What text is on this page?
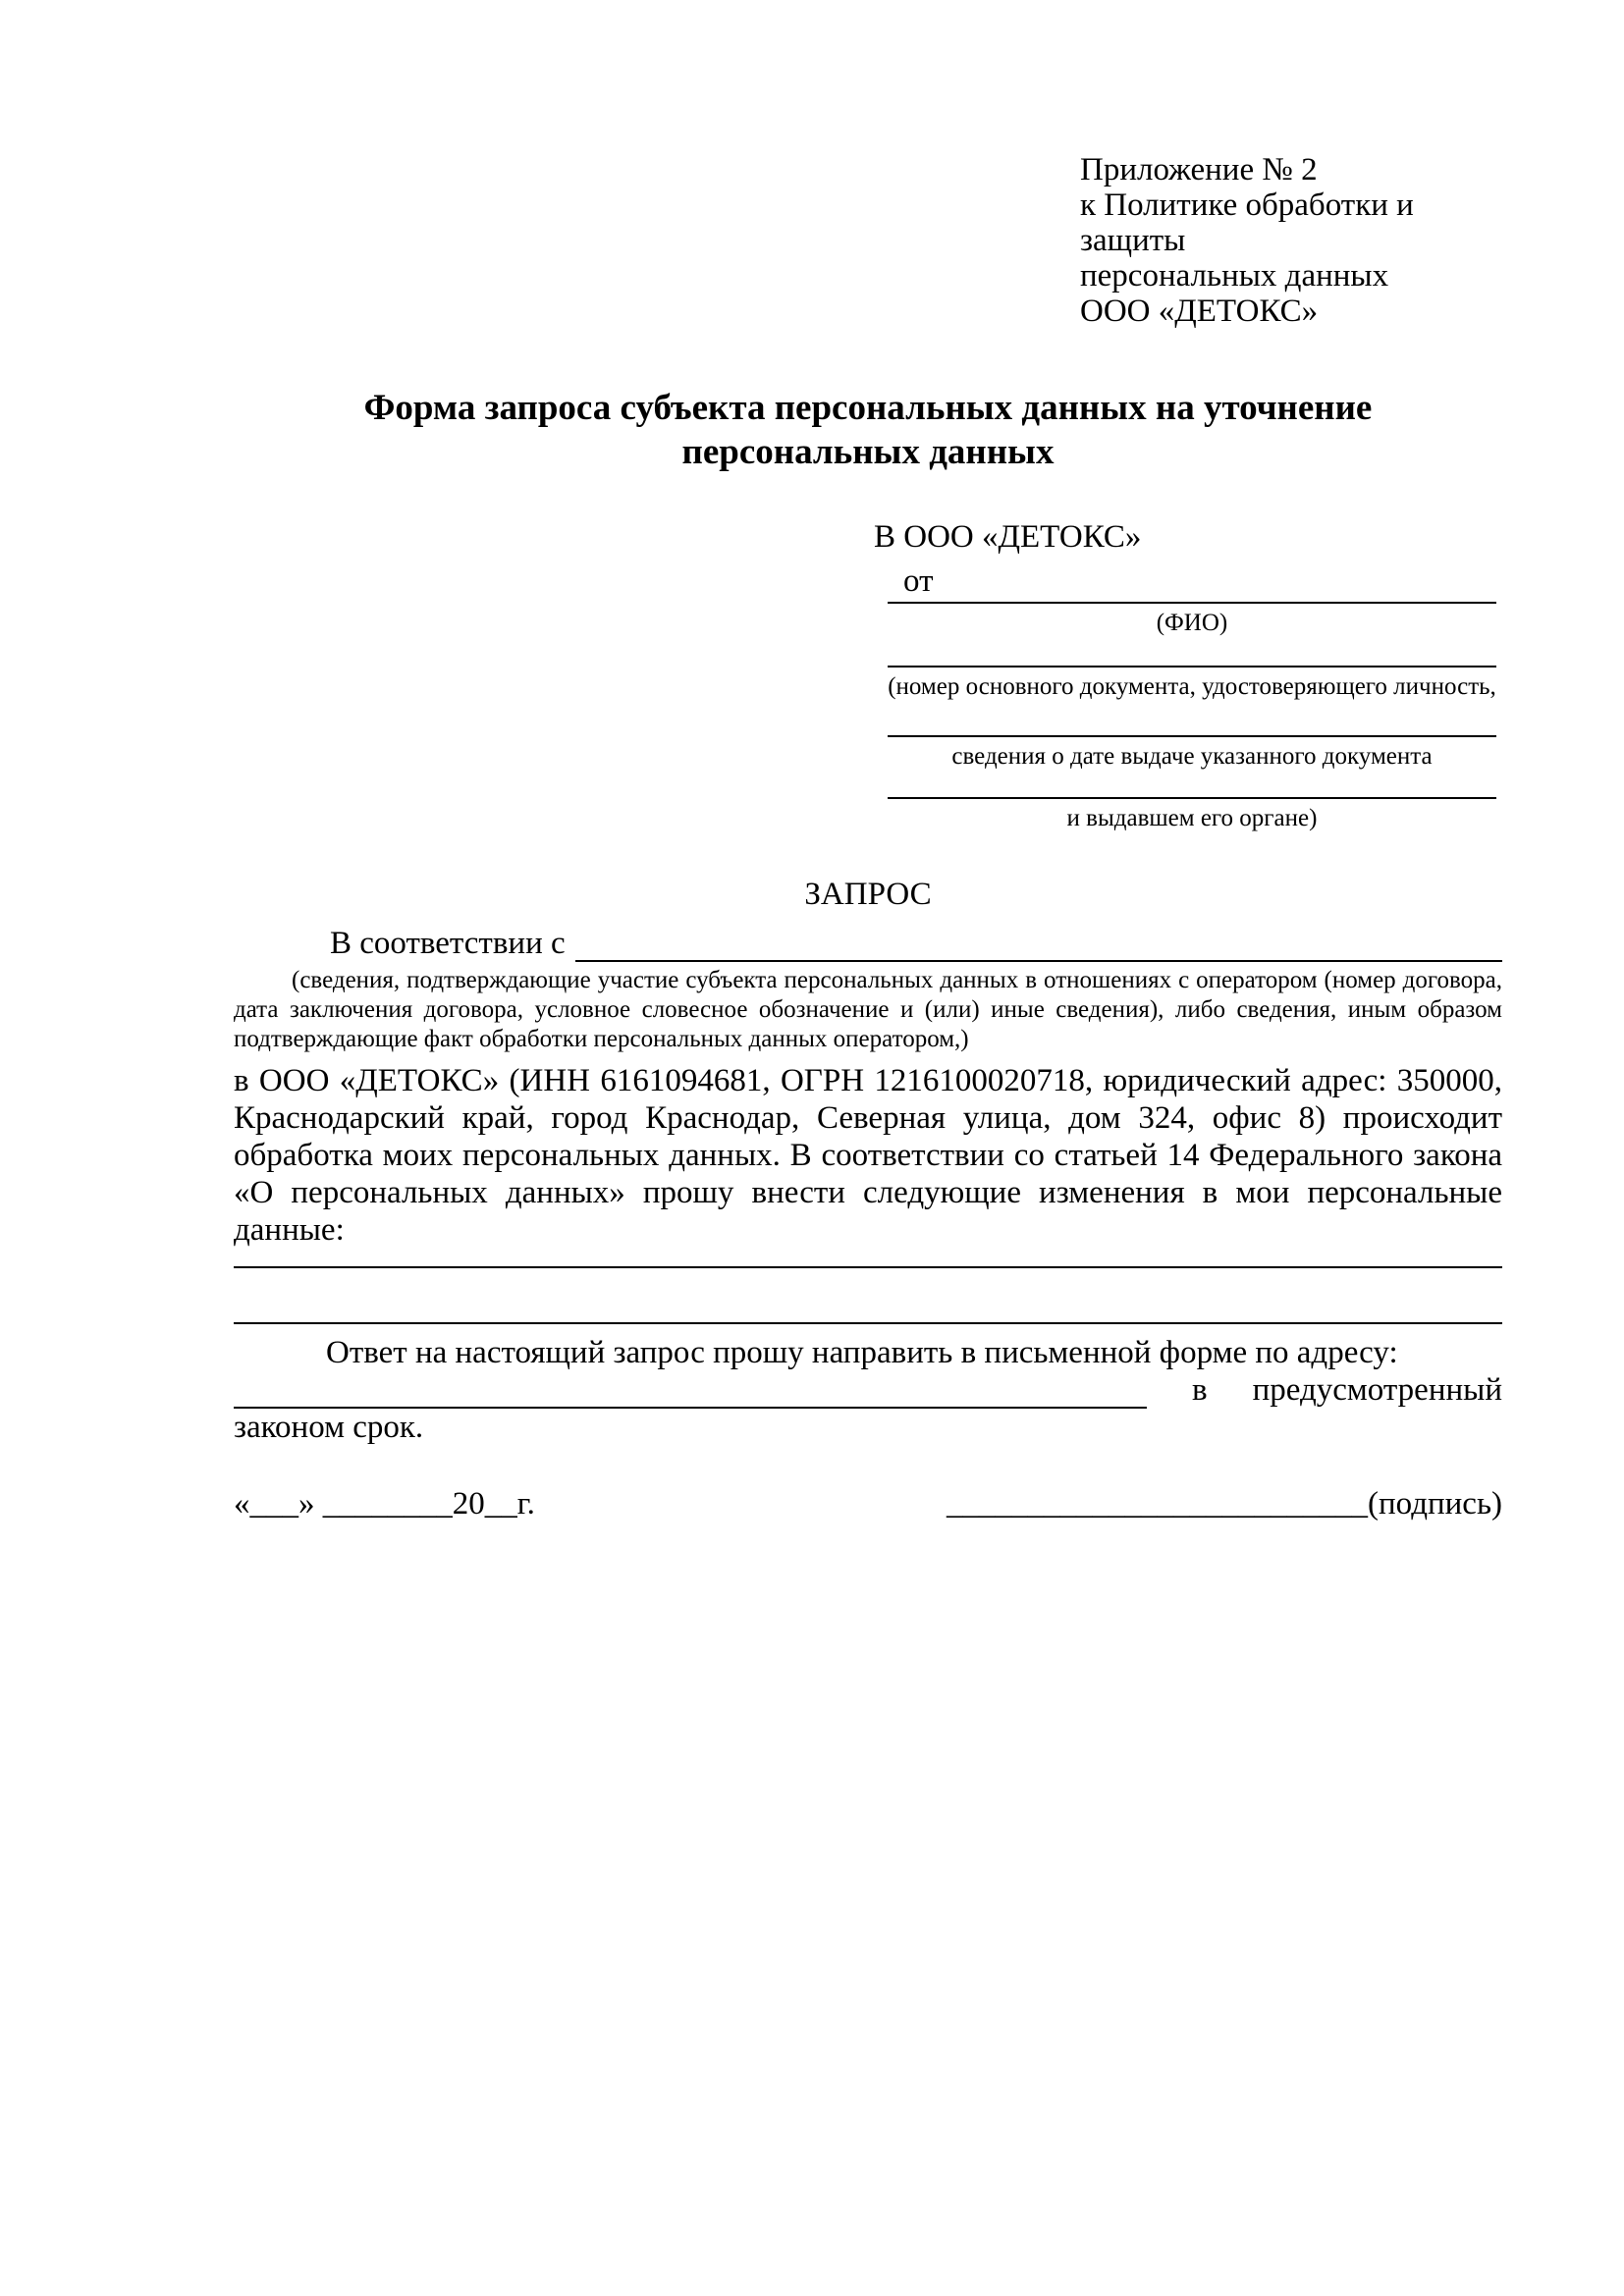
Приложение № 2
к Политике обработки и защиты
персональных данных
ООО «ДЕТОКС»
Форма запроса субъекта персональных данных на уточнение
персональных данных
В ООО «ДЕТОКС»
от
(ФИО)
(номер основного документа, удостоверяющего личность,
сведения о дате выдаче указанного документа
и выдавшем его органе)
ЗАПРОС
В соответствии с
(сведения, подтверждающие участие субъекта персональных данных в отношениях с оператором (номер договора, дата заключения договора, условное словесное обозначение и (или) иные сведения), либо сведения, иным образом подтверждающие факт обработки персональных данных оператором,)
в ООО «ДЕТОКС» (ИНН 6161094681, ОГРН 1216100020718, юридический адрес: 350000, Краснодарский край, город Краснодар, Северная улица, дом 324, офис 8) происходит обработка моих персональных данных. В соответствии со статьей 14 Федерального закона «О персональных данных» прошу внести следующие изменения в мои персональные данные:
Ответ на настоящий запрос прошу направить в письменной форме по адресу:
в предусмотренный
законом срок.
«___» ________20__г.	__________________________(подпись)
